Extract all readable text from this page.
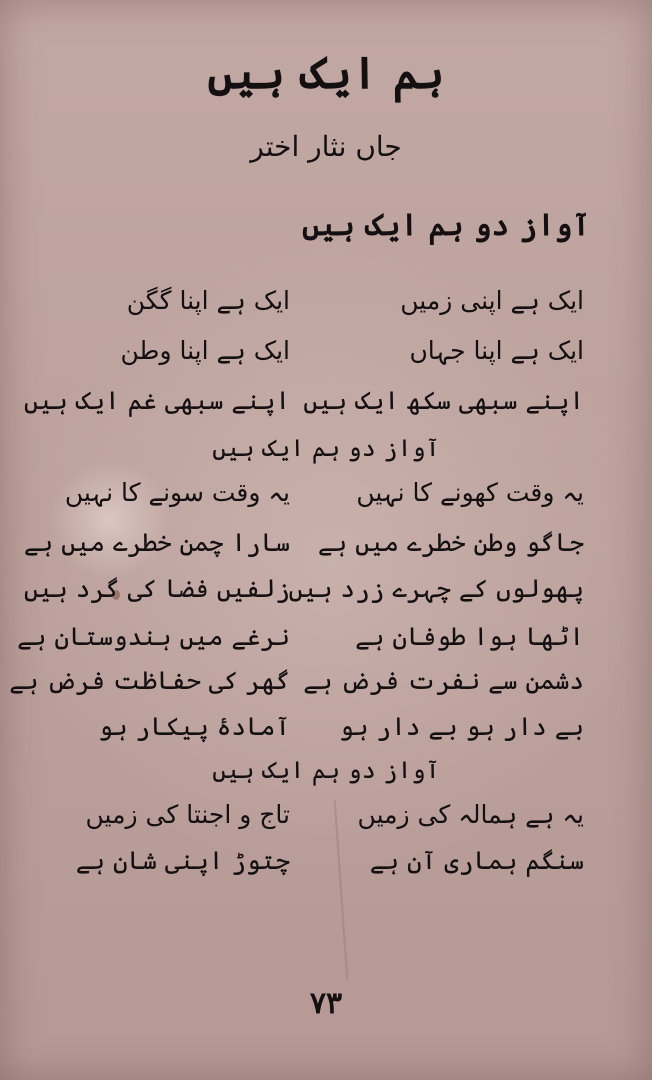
ہم ایک ہیں
جاں نثار اختر
آواز دو ہم ایک ہیں
ایک ہے اپنی زمیں
ایک ہے اپنا گگن
ایک ہے اپنا جہاں
ایک ہے اپنا وطن
اپنے سبھی سکھ ایک ہیں
اپنے سبھی غم ایک ہیں
آواز دو ہم ایک ہیں
یہ وقت کھونے کا نہیں
یہ وقت سونے کا نہیں
جاگو وطن خطرے میں ہے
سارا چمن خطرے میں ہے
پھولوں کے چہرے زرد ہیں
زلفیں فضا کی گرد ہیں
اٹھا ہوا طوفان ہے
نرغے میں ہندوستان ہے
دشمن سے نفرت فرض ہے
گھر کی حفاظت فرض ہے
بے دار ہو بے دار ہو
آمادۂ پیکار ہو
آواز دو ہم ایک ہیں
یہ ہے ہمالہ کی زمیں
تاج و اجنتا کی زمیں
سنگم ہماری آن ہے
چتوڑ اپنی شان ہے
۷۳
